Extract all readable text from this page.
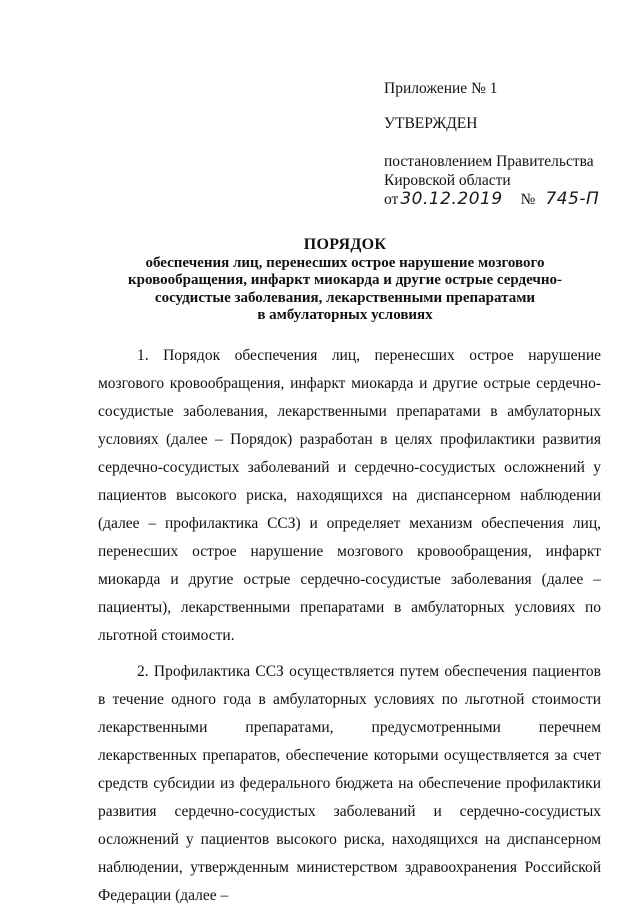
Приложение № 1
УТВЕРЖДЕН
постановлением Правительства
Кировской области
от 30.12.2019 № 745-П
ПОРЯДОК
обеспечения лиц, перенесших острое нарушение мозгового
кровообращения, инфаркт миокарда и другие острые сердечно-
сосудистые заболевания, лекарственными препаратами
в амбулаторных условиях

1. Порядок обеспечения лиц, перенесших острое нарушение мозгового кровообращения, инфаркт миокарда и другие острые сердечно-сосудистые заболевания, лекарственными препаратами в амбулаторных условиях (далее – Порядок) разработан в целях профилактики развития сердечно-сосудистых заболеваний и сердечно-сосудистых осложнений у пациентов высокого риска, находящихся на диспансерном наблюдении (далее – профилактика ССЗ) и определяет механизм обеспечения лиц, перенесших острое нарушение мозгового кровообращения, инфаркт миокарда и другие острые сердечно-сосудистые заболевания (далее – пациенты), лекарственными препаратами в амбулаторных условиях по льготной стоимости.

2. Профилактика ССЗ осуществляется путем обеспечения пациентов в течение одного года в амбулаторных условиях по льготной стоимости лекарственными препаратами, предусмотренными перечнем лекарственных препаратов, обеспечение которыми осуществляется за счет средств субсидии из федерального бюджета на обеспечение профилактики развития сердечно-сосудистых заболеваний и сердечно-сосудистых осложнений у пациентов высокого риска, находящихся на диспансерном наблюдении, утвержденным министерством здравоохранения Российской Федерации (далее –
